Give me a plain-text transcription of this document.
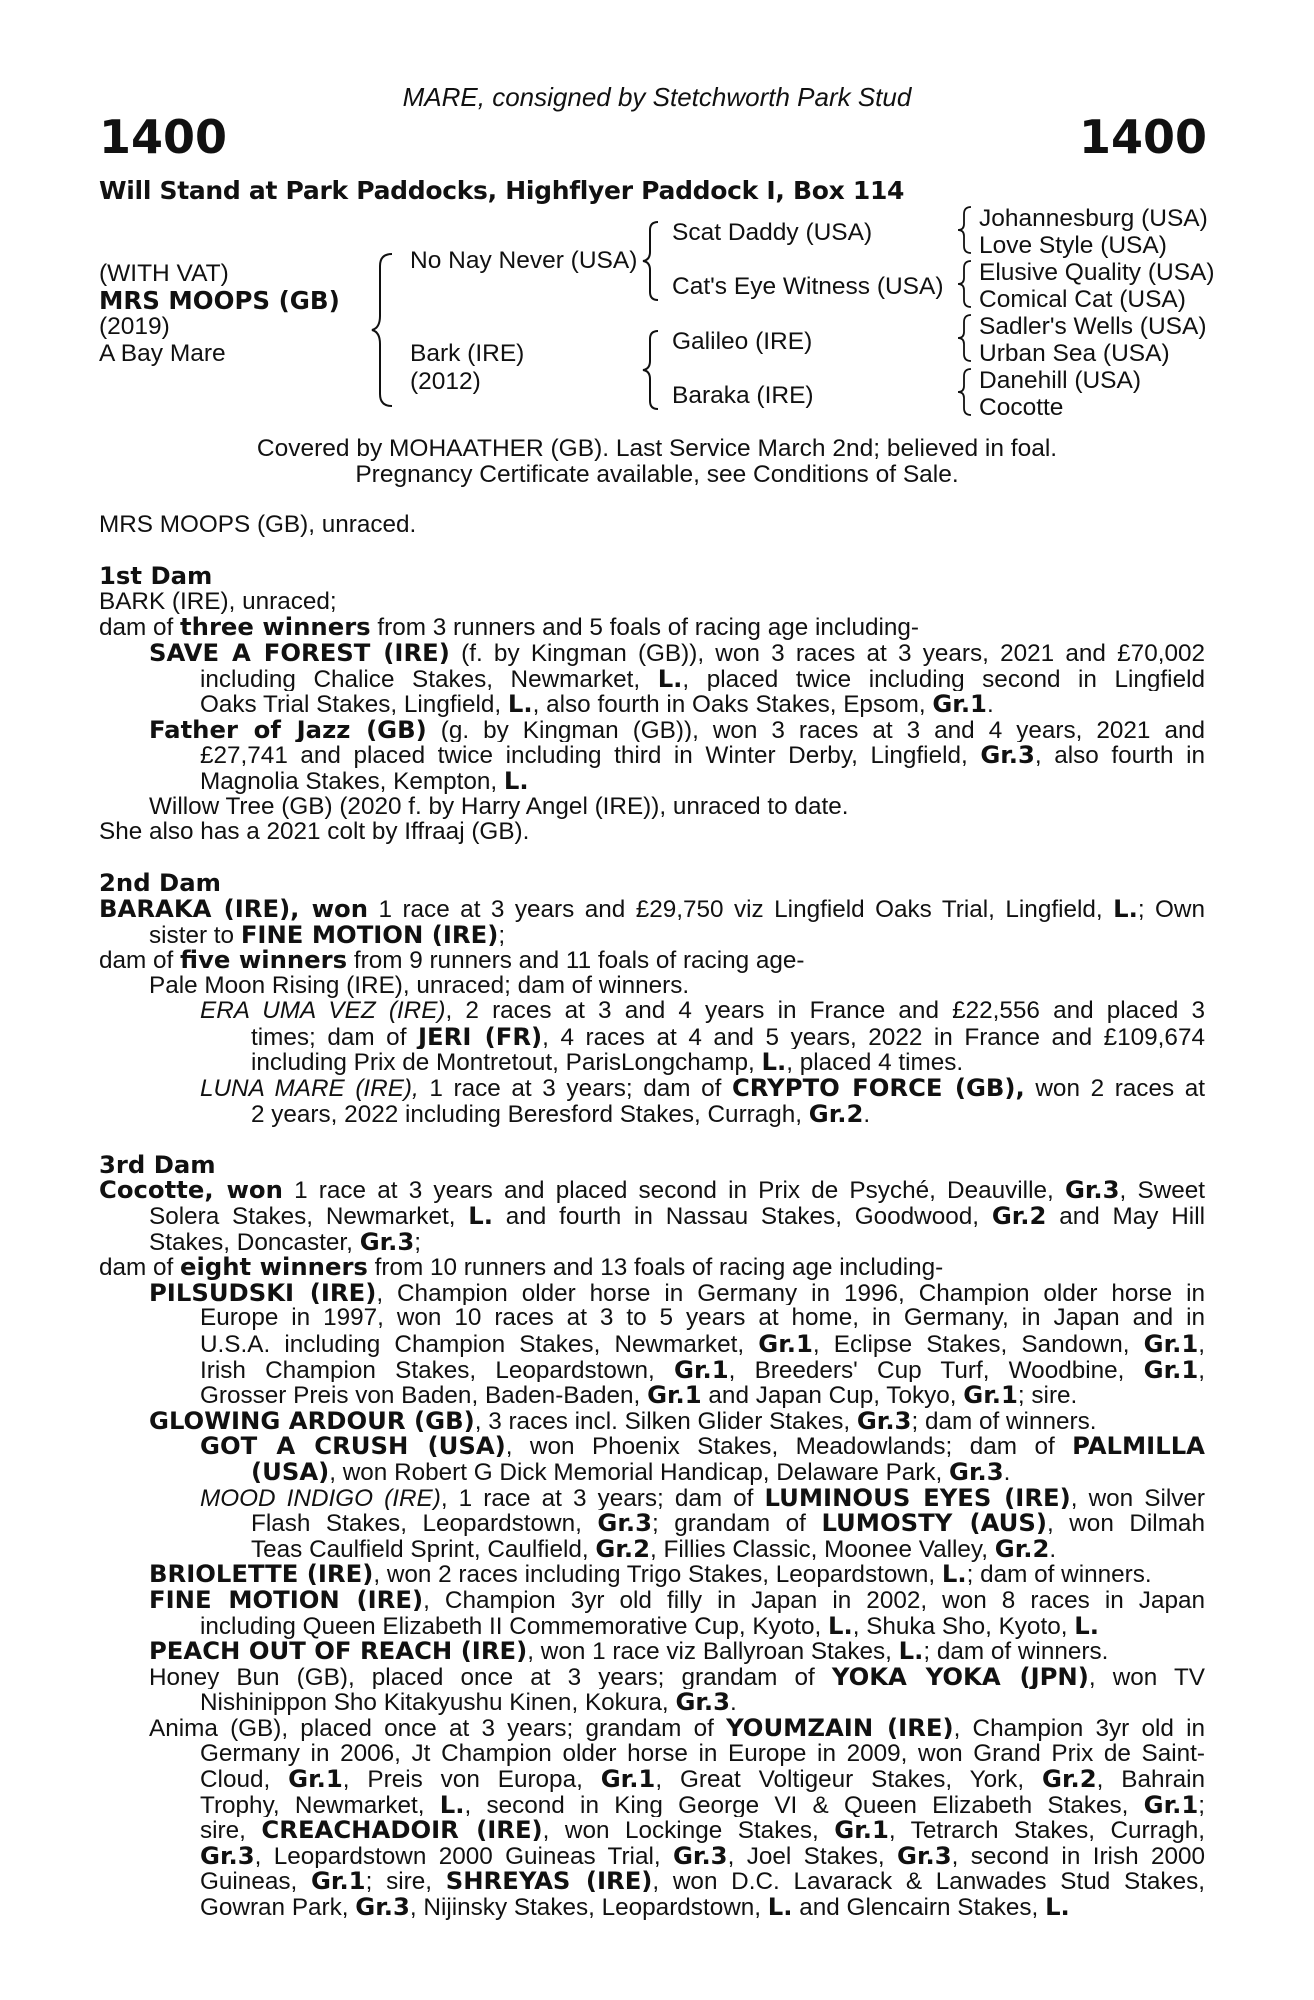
MARE, consigned by Stetchworth Park Stud
1400	1400
Will Stand at Park Paddocks, Highflyer Paddock I, Box 114
(WITH VAT)
MRS MOOPS (GB)
(2019)
A Bay Mare
No Nay Never (USA)
Bark (IRE)
(2012)
Scat Daddy (USA)
Cat's Eye Witness (USA)
Galileo (IRE)
Baraka (IRE)
Johannesburg (USA)
Love Style (USA)
Elusive Quality (USA)
Comical Cat (USA)
Sadler's Wells (USA)
Urban Sea (USA)
Danehill (USA)
Cocotte
Covered by MOHAATHER (GB). Last Service March 2nd; believed in foal.
Pregnancy Certificate available, see Conditions of Sale.
MRS MOOPS (GB), unraced.
1st Dam
BARK (IRE), unraced;
dam of three winners from 3 runners and 5 foals of racing age including-
SAVE A FOREST (IRE) (f. by Kingman (GB)), won 3 races at 3 years, 2021 and £70,002
including Chalice Stakes, Newmarket, L., placed twice including second in Lingfield
Oaks Trial Stakes, Lingfield, L., also fourth in Oaks Stakes, Epsom, Gr.1.
Father of Jazz (GB) (g. by Kingman (GB)), won 3 races at 3 and 4 years, 2021 and
£27,741 and placed twice including third in Winter Derby, Lingfield, Gr.3, also fourth in
Magnolia Stakes, Kempton, L.
Willow Tree (GB) (2020 f. by Harry Angel (IRE)), unraced to date.
She also has a 2021 colt by Iffraaj (GB).
2nd Dam
BARAKA (IRE), won 1 race at 3 years and £29,750 viz Lingfield Oaks Trial, Lingfield, L.; Own
sister to FINE MOTION (IRE);
dam of five winners from 9 runners and 11 foals of racing age-
Pale Moon Rising (IRE), unraced; dam of winners.
ERA UMA VEZ (IRE), 2 races at 3 and 4 years in France and £22,556 and placed 3
times; dam of JERI (FR), 4 races at 4 and 5 years, 2022 in France and £109,674
including Prix de Montretout, ParisLongchamp, L., placed 4 times.
LUNA MARE (IRE), 1 race at 3 years; dam of CRYPTO FORCE (GB), won 2 races at
2 years, 2022 including Beresford Stakes, Curragh, Gr.2.
3rd Dam
Cocotte, won 1 race at 3 years and placed second in Prix de Psyché, Deauville, Gr.3, Sweet
Solera Stakes, Newmarket, L. and fourth in Nassau Stakes, Goodwood, Gr.2 and May Hill
Stakes, Doncaster, Gr.3;
dam of eight winners from 10 runners and 13 foals of racing age including-
PILSUDSKI (IRE), Champion older horse in Germany in 1996, Champion older horse in
Europe in 1997, won 10 races at 3 to 5 years at home, in Germany, in Japan and in
U.S.A. including Champion Stakes, Newmarket, Gr.1, Eclipse Stakes, Sandown, Gr.1,
Irish Champion Stakes, Leopardstown, Gr.1, Breeders' Cup Turf, Woodbine, Gr.1,
Grosser Preis von Baden, Baden-Baden, Gr.1 and Japan Cup, Tokyo, Gr.1; sire.
GLOWING ARDOUR (GB), 3 races incl. Silken Glider Stakes, Gr.3; dam of winners.
GOT A CRUSH (USA), won Phoenix Stakes, Meadowlands; dam of PALMILLA
(USA), won Robert G Dick Memorial Handicap, Delaware Park, Gr.3.
MOOD INDIGO (IRE), 1 race at 3 years; dam of LUMINOUS EYES (IRE), won Silver
Flash Stakes, Leopardstown, Gr.3; grandam of LUMOSTY (AUS), won Dilmah
Teas Caulfield Sprint, Caulfield, Gr.2, Fillies Classic, Moonee Valley, Gr.2.
BRIOLETTE (IRE), won 2 races including Trigo Stakes, Leopardstown, L.; dam of winners.
FINE MOTION (IRE), Champion 3yr old filly in Japan in 2002, won 8 races in Japan
including Queen Elizabeth II Commemorative Cup, Kyoto, L., Shuka Sho, Kyoto, L.
PEACH OUT OF REACH (IRE), won 1 race viz Ballyroan Stakes, L.; dam of winners.
Honey Bun (GB), placed once at 3 years; grandam of YOKA YOKA (JPN), won TV
Nishinippon Sho Kitakyushu Kinen, Kokura, Gr.3.
Anima (GB), placed once at 3 years; grandam of YOUMZAIN (IRE), Champion 3yr old in
Germany in 2006, Jt Champion older horse in Europe in 2009, won Grand Prix de Saint-
Cloud, Gr.1, Preis von Europa, Gr.1, Great Voltigeur Stakes, York, Gr.2, Bahrain
Trophy, Newmarket, L., second in King George VI & Queen Elizabeth Stakes, Gr.1;
sire, CREACHADOIR (IRE), won Lockinge Stakes, Gr.1, Tetrarch Stakes, Curragh,
Gr.3, Leopardstown 2000 Guineas Trial, Gr.3, Joel Stakes, Gr.3, second in Irish 2000
Guineas, Gr.1; sire, SHREYAS (IRE), won D.C. Lavarack & Lanwades Stud Stakes,
Gowran Park, Gr.3, Nijinsky Stakes, Leopardstown, L. and Glencairn Stakes, L.
